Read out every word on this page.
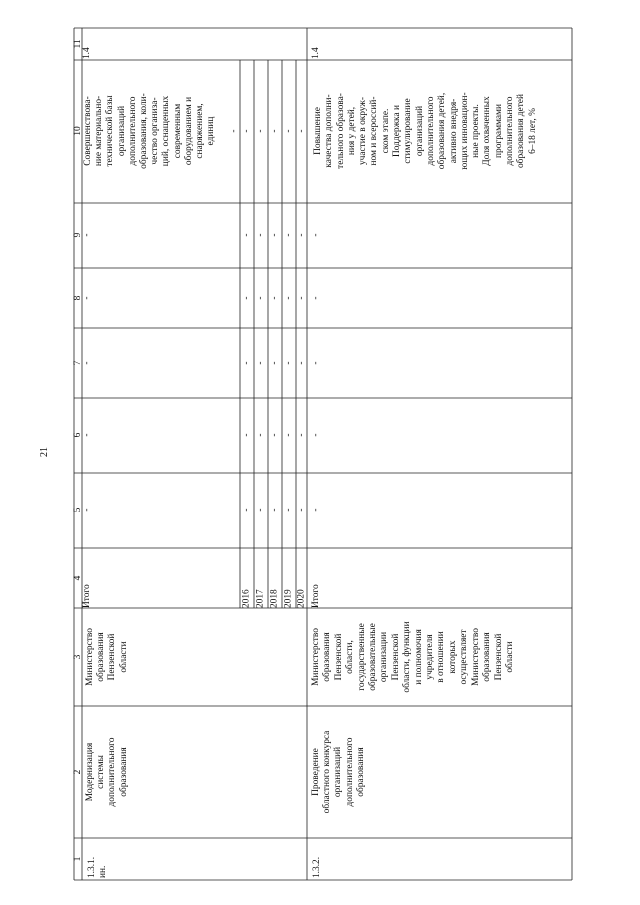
21
1
2
3
4
5
6
7
8
9
10
11
1.3.1. ин.
Модернизация системы дополнительного образования
Министерство образования Пензенской области
Итого
-
-
-
-
-
Совершенствова- ние материально- технической базы организаций дополнительного образования, коли- чество организа- ций, оснащенных современным оборудованием и снаряжением, единиц -
1.4
2016
-
-
-
-
-
-
2017
-
-
-
-
-
-
2018
-
-
-
-
-
-
2019
-
-
-
-
-
-
2020
-
-
-
-
-
-
1.3.2.
Проведение областного конкурса организаций дополнительного образования
Министерство образования Пензенской области, государственные образовательные организации Пензенской области, функции и полномочия учредителя в отношении которых осуществляет Министерство образования Пензенской области
Итого
-
-
-
-
-
Повышение качества дополни- тельного образова- ния у детей, участие в окруж- ном и всероссий- ском этапе. Поддержка и стимулирование организаций дополнительного образования детей, активно внедря- ющих инновацион- ные проекты. Доля охваченных программами дополнительного образования детей 6–18 лет, %
1.4
